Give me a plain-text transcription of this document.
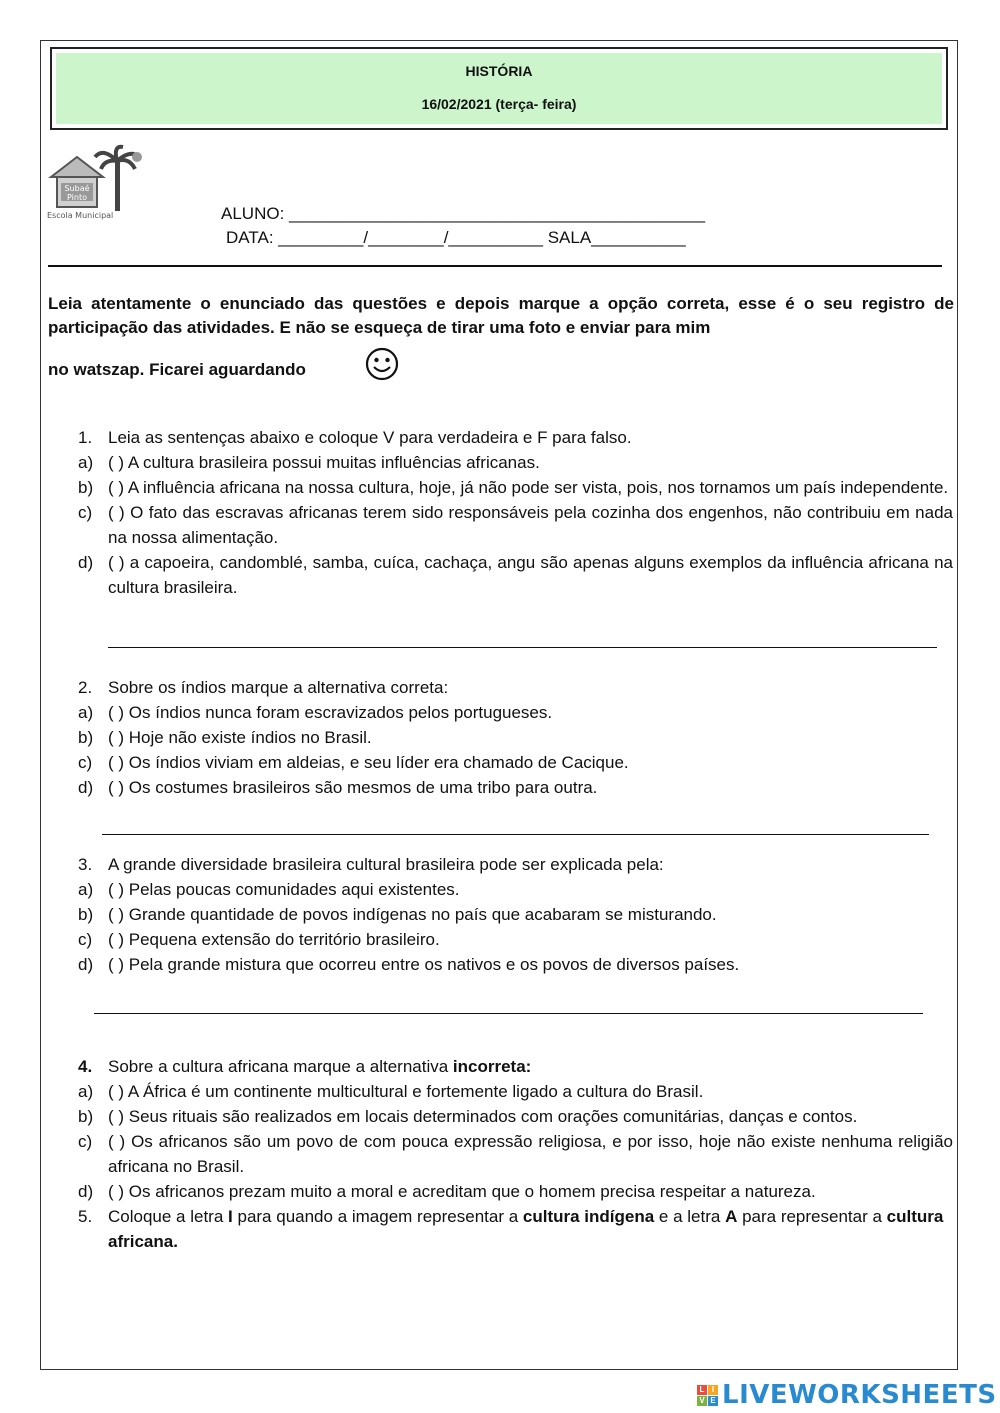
HISTÓRIA
16/02/2021 (terça- feira)
Subaé
Pinto
Escola Municipal	ALUNO: ____________________________________________
DATA: _________/________/__________ SALA__________
Leia atentamente o enunciado das questões e depois marque a opção correta, esse é o seu registro de participação das atividades. E não se esqueça de tirar uma foto e enviar para mim
no watszap. Ficarei aguardando
1. Leia as sentenças abaixo e coloque V para verdadeira e F para falso.
a) ( ) A cultura brasileira possui muitas influências africanas.
b) ( ) A influência africana na nossa cultura, hoje, já não pode ser vista, pois, nos tornamos um país independente.
c) ( ) O fato das escravas africanas terem sido responsáveis pela cozinha dos engenhos, não contribuiu em nada na nossa alimentação.
d) ( ) a capoeira, candomblé, samba, cuíca, cachaça, angu são apenas alguns exemplos da influência africana na cultura brasileira.
2. Sobre os índios marque a alternativa correta:
a) ( ) Os índios nunca foram escravizados pelos portugueses.
b) ( ) Hoje não existe índios no Brasil.
c) ( ) Os índios viviam em aldeias, e seu líder era chamado de Cacique.
d) ( ) Os costumes brasileiros são mesmos de uma tribo para outra.
3. A grande diversidade brasileira cultural brasileira pode ser explicada pela:
a) ( ) Pelas poucas comunidades aqui existentes.
b) ( ) Grande quantidade de povos indígenas no país que acabaram se misturando.
c) ( ) Pequena extensão do território brasileiro.
d) ( ) Pela grande mistura que ocorreu entre os nativos e os povos de diversos países.
4. Sobre a cultura africana marque a alternativa incorreta:
a) ( ) A África é um continente multicultural e fortemente ligado a cultura do Brasil.
b) ( ) Seus rituais são realizados em locais determinados com orações comunitárias, danças e contos.
c) ( ) Os africanos são um povo de com pouca expressão religiosa, e por isso, hoje não existe nenhuma religião africana no Brasil.
d) ( ) Os africanos prezam muito a moral e acreditam que o homem precisa respeitar a natureza.
5. Coloque a letra I para quando a imagem representar a cultura indígena e a letra A para representar a cultura africana.
L I
V E LIVEWORKSHEETS
